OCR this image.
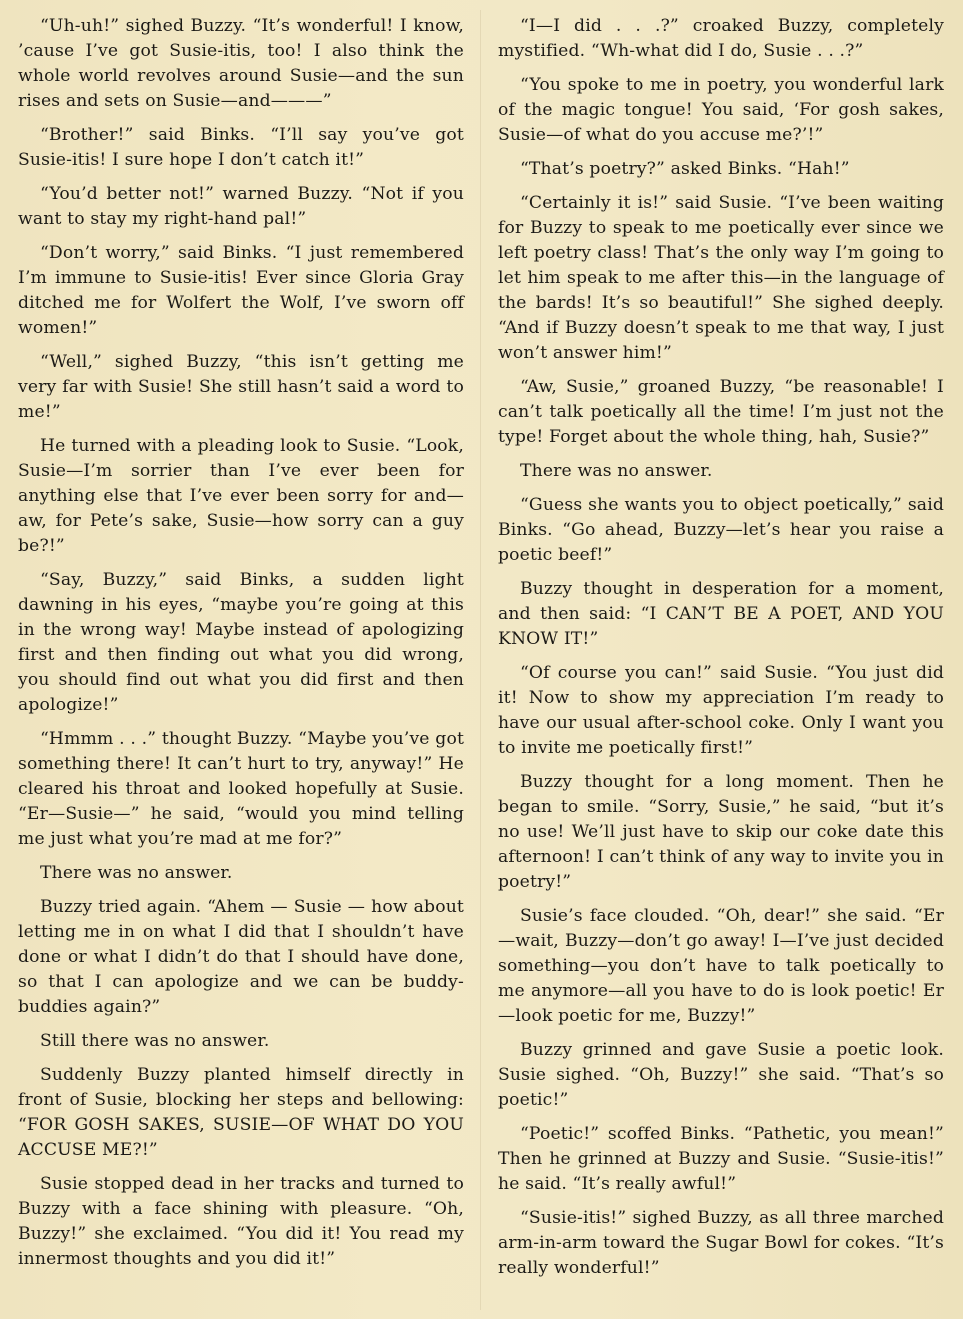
“Uh-uh!” sighed Buzzy. “It’s wonderful! I know, ’cause I’ve got Susie-itis, too! I also think the whole world revolves around Susie—and the sun rises and sets on Susie—and———”

“Brother!” said Binks. “I’ll say you’ve got Susie-itis! I sure hope I don’t catch it!”

“You’d better not!” warned Buzzy. “Not if you want to stay my right-hand pal!”

“Don’t worry,” said Binks. “I just remembered I’m immune to Susie-itis! Ever since Gloria Gray ditched me for Wolfert the Wolf, I’ve sworn off women!”

“Well,” sighed Buzzy, “this isn’t getting me very far with Susie! She still hasn’t said a word to me!”

He turned with a pleading look to Susie. “Look, Susie—I’m sorrier than I’ve ever been for anything else that I’ve ever been sorry for and—aw, for Pete’s sake, Susie—how sorry can a guy be?!”

“Say, Buzzy,” said Binks, a sudden light dawning in his eyes, “maybe you’re going at this in the wrong way! Maybe instead of apologizing first and then finding out what you did wrong, you should find out what you did first and then apologize!”

“Hmmm . . .” thought Buzzy. “Maybe you’ve got something there! It can’t hurt to try, anyway!” He cleared his throat and looked hopefully at Susie. “Er—Susie—” he said, “would you mind telling me just what you’re mad at me for?”

There was no answer.

Buzzy tried again. “Ahem — Susie — how about letting me in on what I did that I shouldn’t have done or what I didn’t do that I should have done, so that I can apologize and we can be buddy-buddies again?”

Still there was no answer.

Suddenly Buzzy planted himself directly in front of Susie, blocking her steps and bellowing: “FOR GOSH SAKES, SUSIE—OF WHAT DO YOU ACCUSE ME?!”

Susie stopped dead in her tracks and turned to Buzzy with a face shining with pleasure. “Oh, Buzzy!” she exclaimed. “You did it! You read my innermost thoughts and you did it!”

“I—I did . . .?” croaked Buzzy, completely mystified. “Wh-what did I do, Susie . . .?”

“You spoke to me in poetry, you wonderful lark of the magic tongue! You said, ‘For gosh sakes, Susie—of what do you accuse me?’!”

“That’s poetry?” asked Binks. “Hah!”

“Certainly it is!” said Susie. “I’ve been waiting for Buzzy to speak to me poetically ever since we left poetry class! That’s the only way I’m going to let him speak to me after this—in the language of the bards! It’s so beautiful!” She sighed deeply. “And if Buzzy doesn’t speak to me that way, I just won’t answer him!”

“Aw, Susie,” groaned Buzzy, “be reasonable! I can’t talk poetically all the time! I’m just not the type! Forget about the whole thing, hah, Susie?”

There was no answer.

“Guess she wants you to object poetically,” said Binks. “Go ahead, Buzzy—let’s hear you raise a poetic beef!”

Buzzy thought in desperation for a moment, and then said: “I CAN’T BE A POET, AND YOU KNOW IT!”

“Of course you can!” said Susie. “You just did it! Now to show my appreciation I’m ready to have our usual after-school coke. Only I want you to invite me poetically first!”

Buzzy thought for a long moment. Then he began to smile. “Sorry, Susie,” he said, “but it’s no use! We’ll just have to skip our coke date this afternoon! I can’t think of any way to invite you in poetry!”

Susie’s face clouded. “Oh, dear!” she said. “Er—wait, Buzzy—don’t go away! I—I’ve just decided something—you don’t have to talk poetically to me anymore—all you have to do is look poetic! Er—look poetic for me, Buzzy!”

Buzzy grinned and gave Susie a poetic look. Susie sighed. “Oh, Buzzy!” she said. “That’s so poetic!”

“Poetic!” scoffed Binks. “Pathetic, you mean!” Then he grinned at Buzzy and Susie. “Susie-itis!” he said. “It’s really awful!”

“Susie-itis!” sighed Buzzy, as all three marched arm-in-arm toward the Sugar Bowl for cokes. “It’s really wonderful!”
